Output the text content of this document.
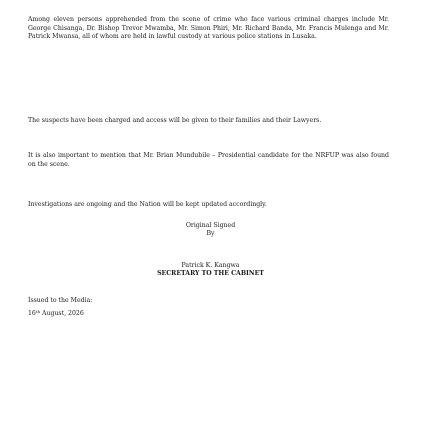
Among eleven persons apprehended from the scene of crime who face various criminal charges include Mr. George Chisanga, Dr. Bishop Trevor Mwamba, Mr. Simon Phiri, Mr. Richard Banda, Mr. Francis Mulenga and Mr. Patrick Mwansa, all of whom are held in lawful custody at various police stations in Lusaka.

The suspects have been charged and access will be given to their families and their Lawyers.

It is also important to mention that Mr. Brian Mundubile – Presidential candidate for the NRFUP was also found on the scene.

Investigations are ongoing and the Nation will be kept updated accordingly.

Original Signed

By

Patrick K. Kangwa

SECRETARY TO THE CABINET

Issued to the Media:

16th August, 2026
